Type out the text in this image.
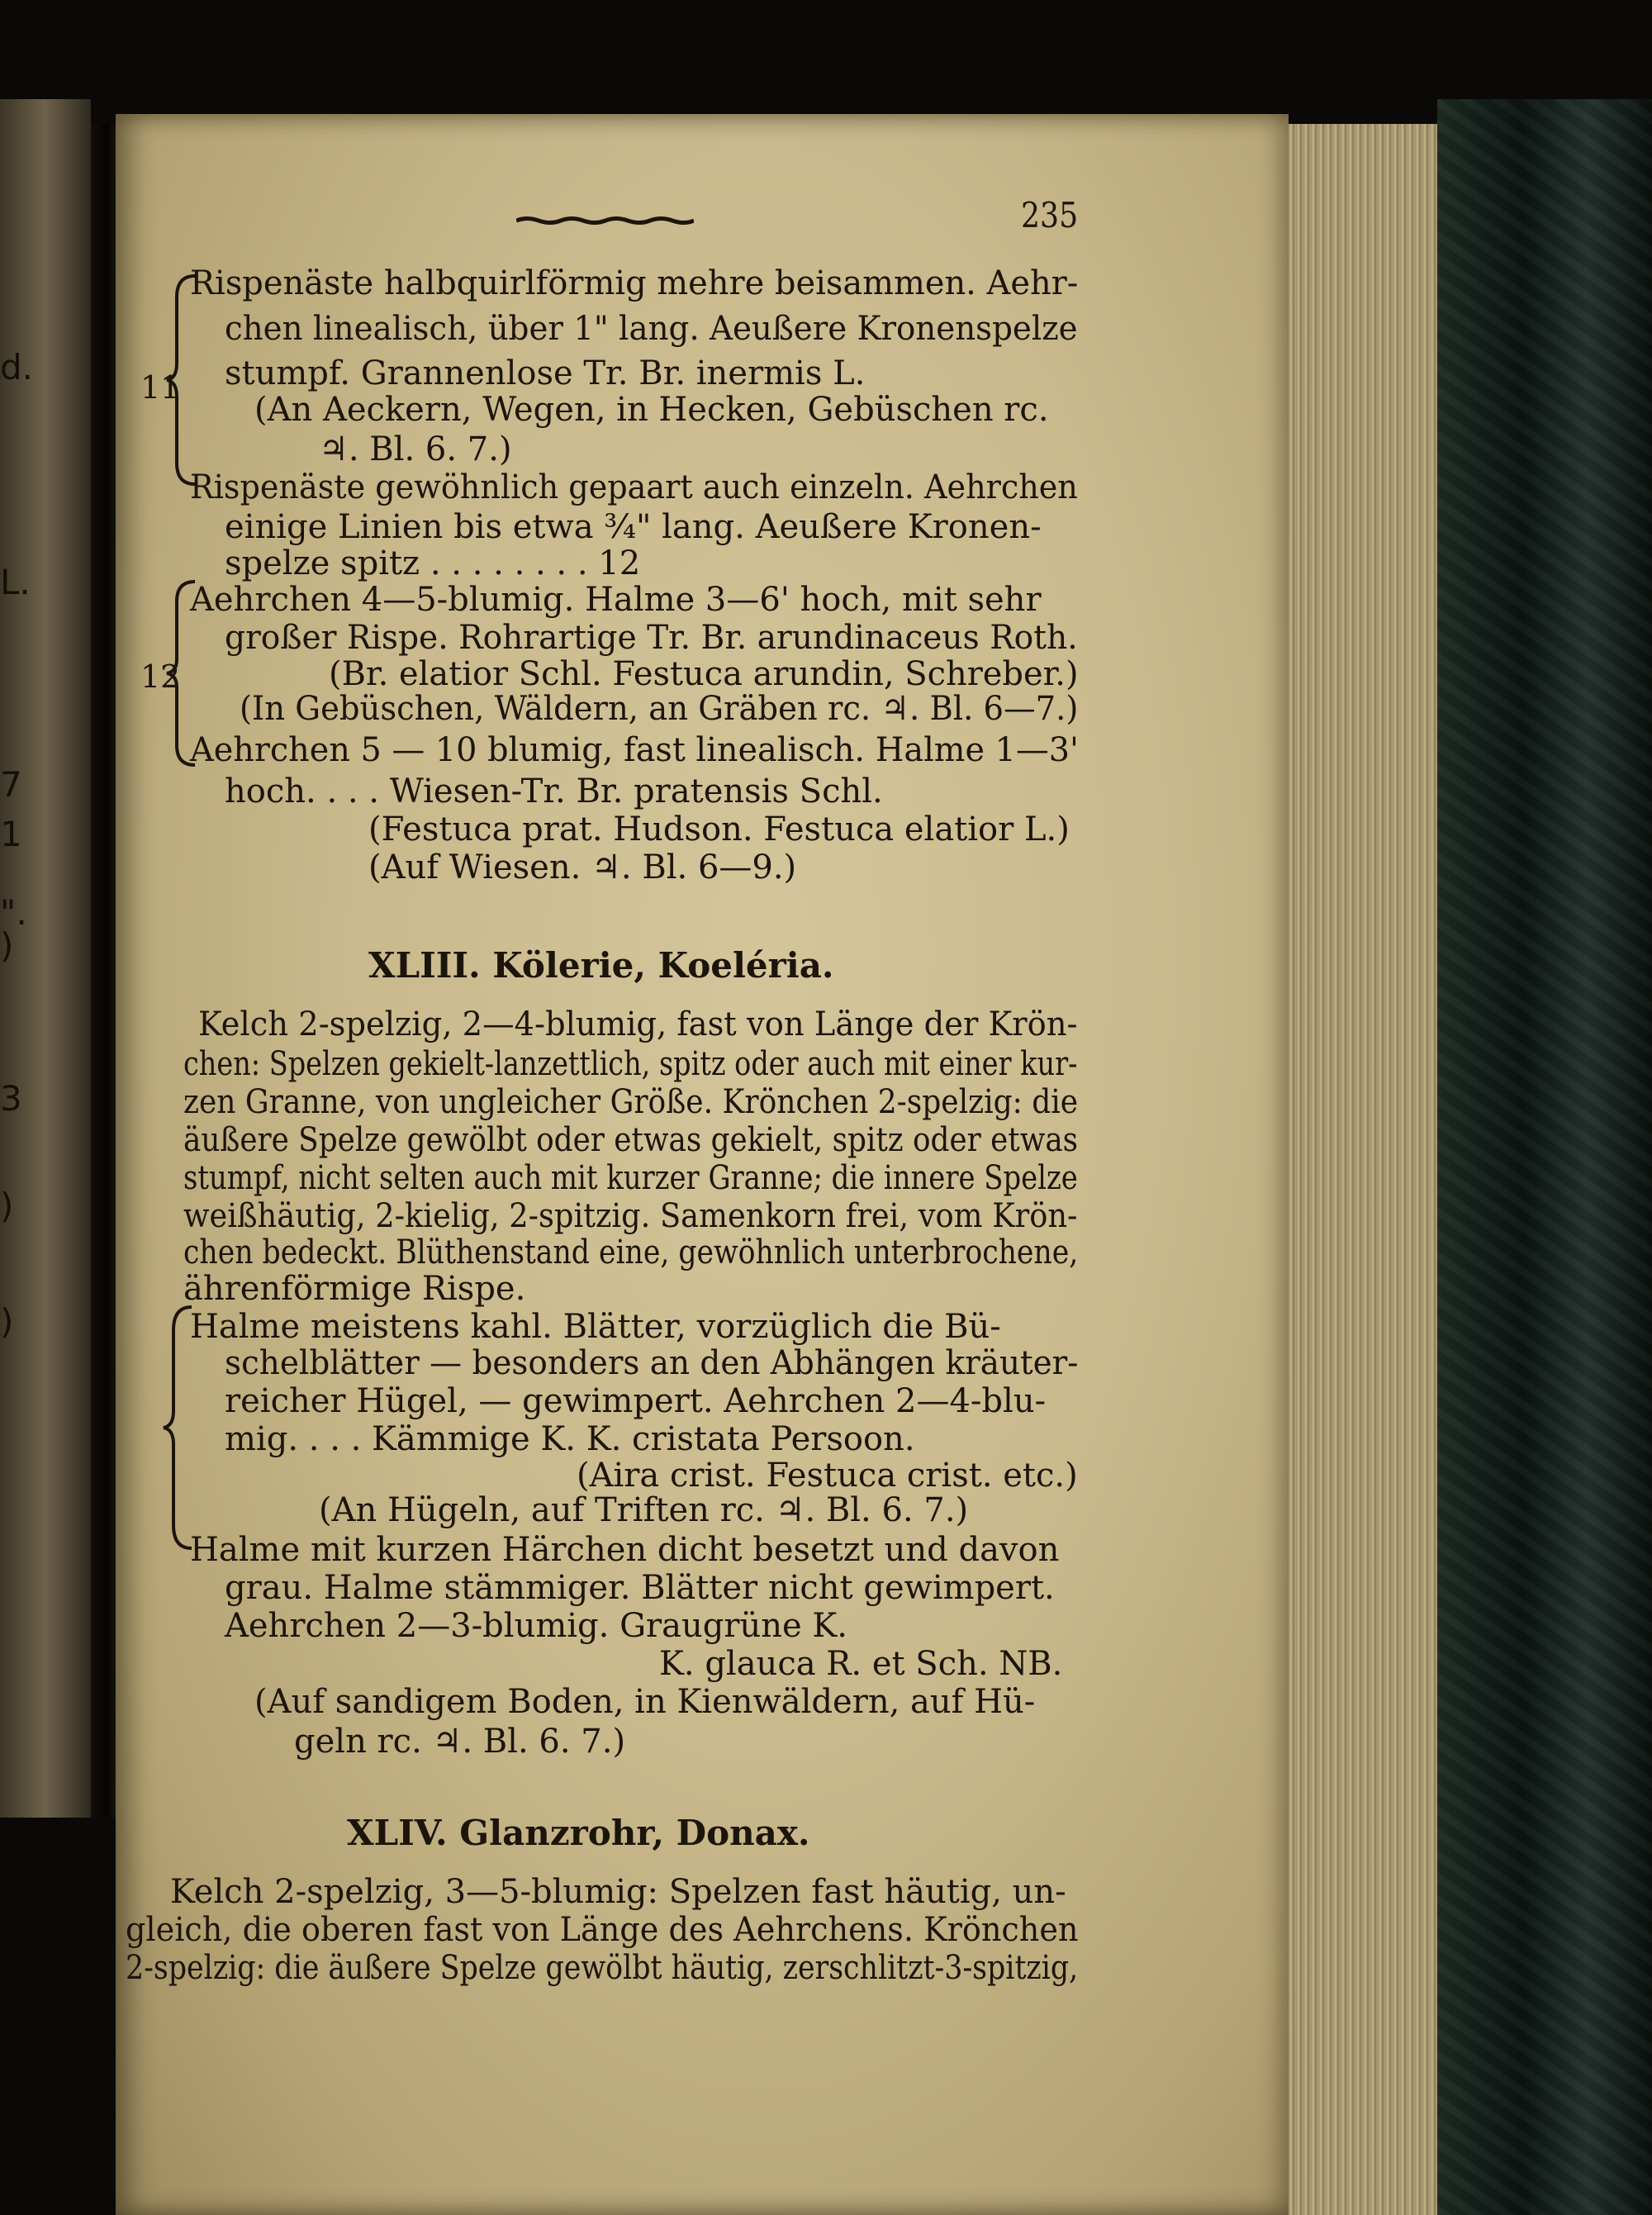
d.
L.
7
1
".
)
3
)
)
235
11
Rispenäste halbquirlförmig mehre beisammen. Aehr-
chen linealisch, über 1" lang. Aeußere Kronenspelze
stumpf. Grannenlose Tr. Br. inermis L.
(An Aeckern, Wegen, in Hecken, Gebüschen rc.
♃. Bl. 6. 7.)
Rispenäste gewöhnlich gepaart auch einzeln. Aehrchen
einige Linien bis etwa ¾" lang. Aeußere Kronen-
spelze spitz . . . . . . . . 12
12
Aehrchen 4—5-blumig. Halme 3—6' hoch, mit sehr
großer Rispe. Rohrartige Tr. Br. arundinaceus Roth.
(Br. elatior Schl. Festuca arundin, Schreber.)
(In Gebüschen, Wäldern, an Gräben rc. ♃. Bl. 6—7.)
Aehrchen 5 — 10 blumig, fast linealisch. Halme 1—3'
hoch. . . . Wiesen-Tr. Br. pratensis Schl.
(Festuca prat. Hudson. Festuca elatior L.)
(Auf Wiesen. ♃. Bl. 6—9.)
XLIII. Kölerie, Koeléria.
Kelch 2-spelzig, 2—4-blumig, fast von Länge der Krön-
chen: Spelzen gekielt-lanzettlich, spitz oder auch mit einer kur-
zen Granne, von ungleicher Größe. Krönchen 2-spelzig: die
äußere Spelze gewölbt oder etwas gekielt, spitz oder etwas
stumpf, nicht selten auch mit kurzer Granne; die innere Spelze
weißhäutig, 2-kielig, 2-spitzig. Samenkorn frei, vom Krön-
chen bedeckt. Blüthenstand eine, gewöhnlich unterbrochene,
ährenförmige Rispe.
Halme meistens kahl. Blätter, vorzüglich die Bü-
schelblätter — besonders an den Abhängen kräuter-
reicher Hügel, — gewimpert. Aehrchen 2—4-blu-
mig. . . . Kämmige K. K. cristata Persoon.
(Aira crist. Festuca crist. etc.)
(An Hügeln, auf Triften rc. ♃. Bl. 6. 7.)
Halme mit kurzen Härchen dicht besetzt und davon
grau. Halme stämmiger. Blätter nicht gewimpert.
Aehrchen 2—3-blumig. Graugrüne K.
K. glauca R. et Sch. NB.
(Auf sandigem Boden, in Kienwäldern, auf Hü-
geln rc. ♃. Bl. 6. 7.)
XLIV. Glanzrohr, Donax.
Kelch 2-spelzig, 3—5-blumig: Spelzen fast häutig, un-
gleich, die oberen fast von Länge des Aehrchens. Krönchen
2-spelzig: die äußere Spelze gewölbt häutig, zerschlitzt-3-spitzig,
